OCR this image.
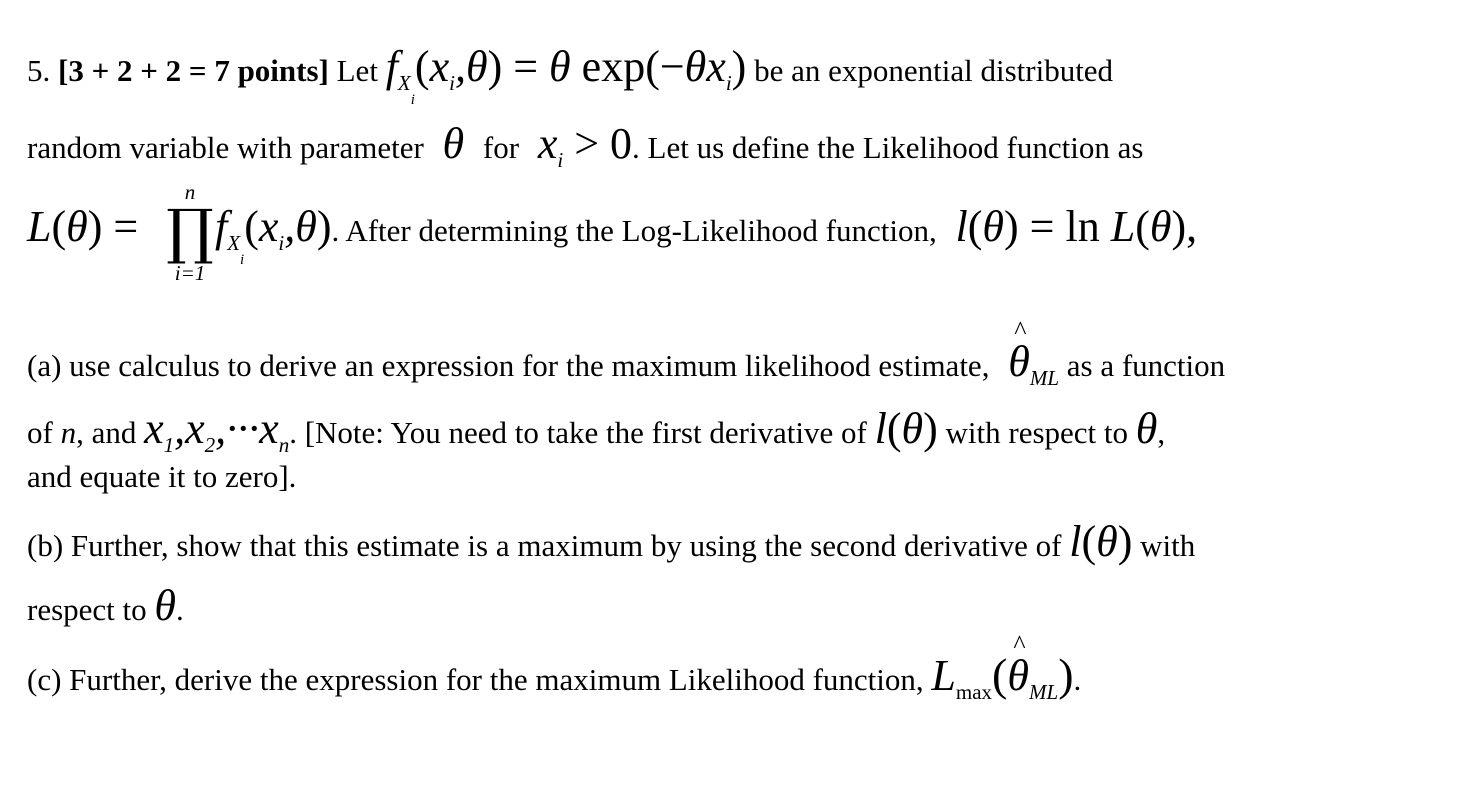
5. [3 + 2 + 2 = 7 points] Let $f_{X_i}(x_i,\theta) = \theta$ $\exp(-\theta x_i)$ be an exponential distributed
random variable with parameter  θ  for  $x_i > 0$. Let us define the Likelihood function as
$L(\theta) = f_{X_i}(x_i,\theta)$. After determining the Log-Likelihood function,  l(θ) = ln L(θ),
n
∏
i=1
(a) use calculus to derive an expression for the maximum likelihood estimate,  ^ $\theta_{ML}$ as a function
of n, and $x_1,x_2,\cdot\cdot\cdot x_n$. [Note: You need to take the first derivative of l(θ) with respect to θ,
and equate it to zero].
(b) Further, show that this estimate is a maximum by using the second derivative of l(θ) with
respect to θ.
(c) Further, derive the expression for the maximum Likelihood function, $L_{max}(\^{}$ $\theta_{ML}$).
